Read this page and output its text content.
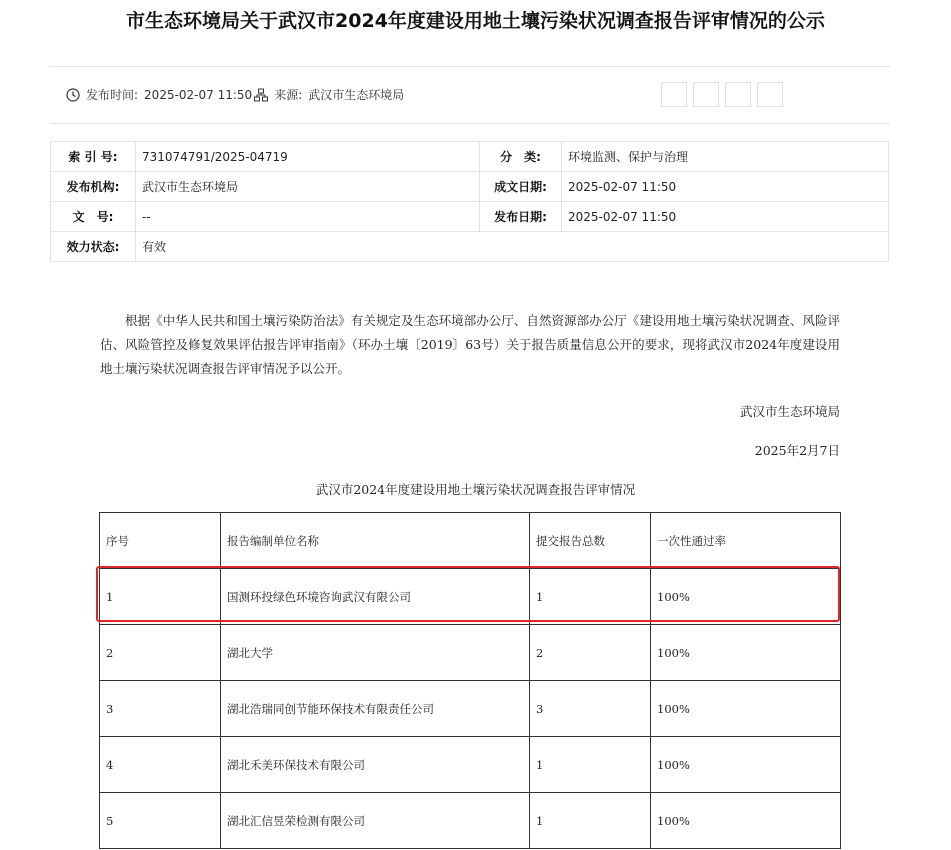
市生态环境局关于武汉市2024年度建设用地土壤污染状况调查报告评审情况的公示
发布时间: 2025-02-07 11:50 来源: 武汉市生态环境局
索 引 号:	731074791/2025-04719	分　类:	环境监测、保护与治理
发布机构:	武汉市生态环境局	成文日期:	2025-02-07 11:50
文　号:	--	发布日期:	2025-02-07 11:50
效力状态:	有效		
根据《中华人民共和国土壤污染防治法》有关规定及生态环境部办公厅、自然资源部办公厅《建设用地土壤污染状况调查、风险评估、风险管控及修复效果评估报告评审指南》（环办土壤〔2019〕63号）关于报告质量信息公开的要求，现将武汉市2024年度建设用地土壤污染状况调查报告评审情况予以公开。
武汉市生态环境局
2025年2月7日
武汉市2024年度建设用地土壤污染状况调查报告评审情况
序号	报告编制单位名称	提交报告总数	一次性通过率
1	国测环投绿色环境咨询武汉有限公司	1	100%
2	湖北大学	2	100%
3	湖北浩瑞同创节能环保技术有限责任公司	3	100%
4	湖北禾美环保技术有限公司	1	100%
5	湖北汇信昱荣检测有限公司	1	100%
